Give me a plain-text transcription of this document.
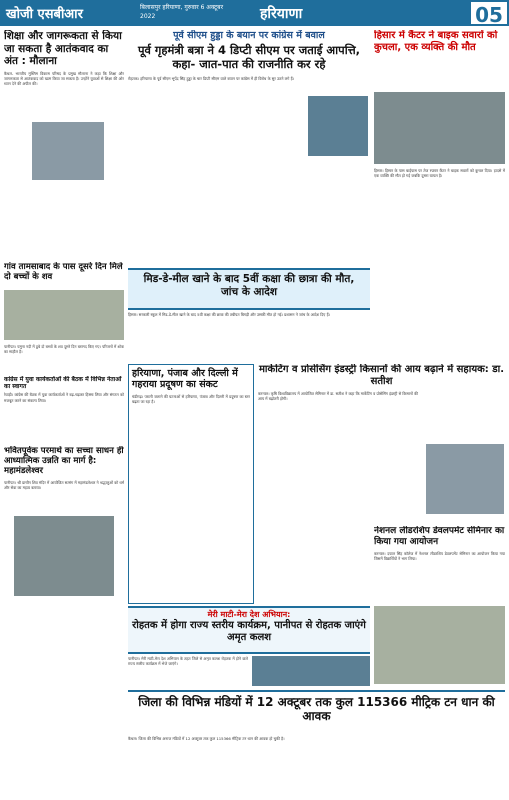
खोजी एसबीआर	बिलासपुर हरियाणा, गुरुवार 6 अक्टूबर 2022	हरियाणा	05
शिक्षा और जागरूकता से किया जा सकता है आतंकवाद का अंत : मौलाना
कैथल- भारतीय मुस्लिम विकास परिषद के प्रमुख मौलाना ने कहा कि शिक्षा और जागरूकता से आतंकवाद को खत्म किया जा सकता है। उन्होंने युवाओं से शिक्षा की ओर ध्यान देने की अपील की।
गांव तामसाबाद के पास दूसरे दिन मिले दो बच्चों के शव
पानीपत। यमुना नदी में डूबे दो बच्चों के शव दूसरे दिन बरामद किए गए। परिजनों में शोक का माहौल है।
कांग्रेस में युवा कार्यकर्ताओं की बैठक में विभिन्न नेताओं का स्वागत
रेवाड़ी। कांग्रेस की बैठक में युवा कार्यकर्ताओं ने बढ़-चढ़कर हिस्सा लिया और संगठन को मजबूत करने का संकल्प लिया।
पूर्व सीएम हुड्डा के बयान पर कांग्रेस में बवाल
पूर्व गृहमंत्री बत्रा ने 4 डिप्टी सीएम पर जताई आपत्ति, कहा- जात-पात की राजनीति कर रहे
रोहतक। हरियाणा के पूर्व सीएम भूपेंद्र सिंह हुड्डा के चार डिप्टी सीएम वाले बयान पर कांग्रेस में ही विरोध के सुर उठने लगे हैं।
हिसार में कैंटर ने बाइक सवारों को कुचला, एक व्यक्ति की मौत
हिसार। हिसार के पास बाईपास पर तेज रफ्तार कैंटर ने बाइक सवारों को कुचल दिया। हादसे में एक व्यक्ति की मौत हो गई जबकि दूसरा घायल है।
मिड-डे-मील खाने के बाद 5वीं कक्षा की छात्रा की मौत, जांच के आदेश
हिसार। सरकारी स्कूल में मिड-डे-मील खाने के बाद 5वीं कक्षा की छात्रा की तबीयत बिगड़ी और उसकी मौत हो गई। प्रशासन ने जांच के आदेश दिए हैं।
हरियाणा, पंजाब और दिल्ली में गहराया प्रदूषण का संकट
चंडीगढ़। पराली जलाने की घटनाओं से हरियाणा, पंजाब और दिल्ली में प्रदूषण का स्तर बढ़ता जा रहा है।
मार्केटिंग व प्रोसेसिंग इंडस्ट्री किसानों की आय बढ़ाने में सहायक: डा. सतीश
करनाल। कृषि विश्वविद्यालय में आयोजित सेमिनार में डा. सतीश ने कहा कि मार्केटिंग व प्रोसेसिंग इंडस्ट्री से किसानों की आय में बढ़ोतरी होगी।
मेरी माटी-मेरा देश अभियान:
रोहतक में होगा राज्य स्तरीय कार्यक्रम, पानीपत से रोहतक जाएंगे अमृत कलश
पानीपत। मेरी माटी-मेरा देश अभियान के तहत जिले से अमृत कलश रोहतक में होने वाले राज्य स्तरीय कार्यक्रम में भेजे जाएंगे।
नेशनल लीडरशिप डेवलपमेंट सेमिनार का किया गया आयोजन
करनाल। दयाल सिंह कॉलेज में नेशनल लीडरशिप डेवलपमेंट सेमिनार का आयोजन किया गया जिसमें विद्यार्थियों ने भाग लिया।
भवितपूर्वक परमार्थ का सच्चा साधन ही आध्यात्मिक उन्नति का मार्ग है: महामंडलेश्वर
पानीपत। श्री प्राचीन शिव मंदिर में आयोजित सत्संग में महामंडलेश्वर ने श्रद्धालुओं को धर्म और सेवा का महत्व बताया।
जिला की विभिन्न मंडियों में 12 अक्टूबर तक कुल 115366 मीट्रिक टन धान की आवक
कैथल। जिला की विभिन्न अनाज मंडियों में 12 अक्टूबर तक कुल 115366 मीट्रिक टन धान की आवक हो चुकी है।
